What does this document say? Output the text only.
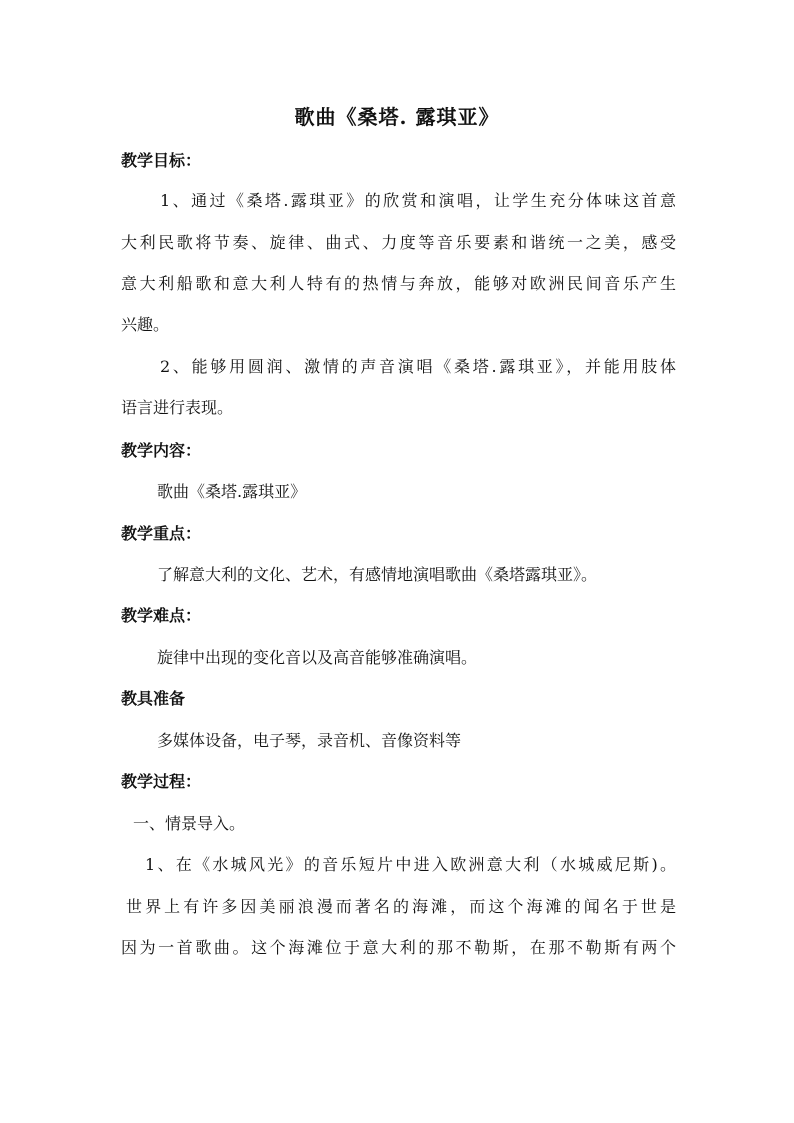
歌曲《桑塔. 露琪亚》
教学目标：
1、通过《桑塔.露琪亚》的欣赏和演唱，让学生充分体味这首意
大利民歌将节奏、旋律、曲式、力度等音乐要素和谐统一之美，感受
意大利船歌和意大利人特有的热情与奔放，能够对欧洲民间音乐产生
兴趣。
2、能够用圆润、激情的声音演唱《桑塔.露琪亚》，并能用肢体
语言进行表现。
教学内容：
歌曲《桑塔.露琪亚》
教学重点：
了解意大利的文化、艺术，有感情地演唱歌曲《桑塔露琪亚》。
教学难点：
旋律中出现的变化音以及高音能够准确演唱。
教具准备
多媒体设备，电子琴，录音机、音像资料等
教学过程：
一、情景导入。
1、在《水城风光》的音乐短片中进入欧洲意大利（水城威尼斯)。
世界上有许多因美丽浪漫而著名的海滩，而这个海滩的闻名于世是
因为一首歌曲。这个海滩位于意大利的那不勒斯，在那不勒斯有两个
